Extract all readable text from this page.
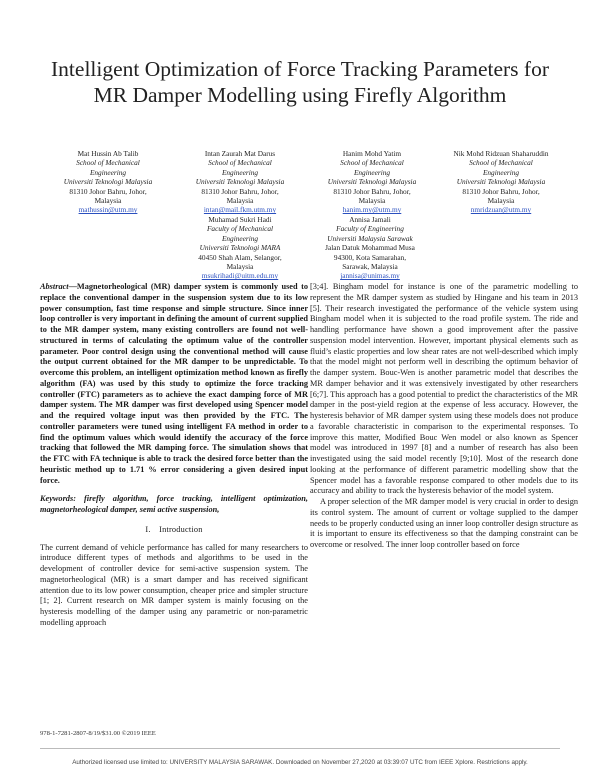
Intelligent Optimization of Force Tracking Parameters for MR Damper Modelling using Firefly Algorithm
Mat Hussin Ab Talib
School of Mechanical Engineering
Universiti Teknologi Malaysia
81310 Johor Bahru, Johor,
Malaysia
mathussin@utm.my
Intan Zaurah Mat Darus
School of Mechanical Engineering
Universiti Teknologi Malaysia
81310 Johor Bahru, Johor,
Malaysia
intan@mail.fkm.utm.my
Hanim Mohd Yatim
School of Mechanical Engineering
Universiti Teknologi Malaysia
81310 Johor Bahru, Johor,
Malaysia
hanim.my@utm.my
Nik Mohd Ridzuan Shaharuddin
School of Mechanical Engineering
Universiti Teknologi Malaysia
81310 Johor Bahru, Johor,
Malaysia
nmridzuan@utm.my
Muhamad Sukri Hadi
Faculty of Mechanical Engineering
Universiti Teknologi MARA
40450 Shah Alam, Selangor,
Malaysia
msukrihadi@uitm.edu.my
Annisa Jamali
Faculty of Engineering
Universiti Malaysia Sarawak
Jalan Datuk Mohammad Musa 94300, Kota Samarahan,
Sarawak, Malaysia
jannisa@unimas.my

Abstract—Magnetorheological (MR) damper system is commonly used to replace the conventional damper in the suspension system due to its low power consumption, fast time response and simple structure. Since inner loop controller is very important in defining the amount of current supplied to the MR damper system, many existing controllers are found not well-structured in terms of calculating the optimum value of the controller parameter. Poor control design using the conventional method will cause the output current obtained for the MR damper to be unpredictable. To overcome this problem, an intelligent optimization method known as firefly algorithm (FA) was used by this study to optimize the force tracking controller (FTC) parameters as to achieve the exact damping force of MR damper system. The MR damper was first developed using Spencer model and the required voltage input was then provided by the FTC. The controller parameters were tuned using intelligent FA method in order to find the optimum values which would identify the accuracy of the force tracking that followed the MR damping force. The simulation shows that the FTC with FA technique is able to track the desired force better than the heuristic method up to 1.71 % error considering a given desired input force.

Keywords: firefly algorithm, force tracking, intelligent optimization, magnetorheological damper, semi active suspension,

I. Introduction

The current demand of vehicle performance has called for many researchers to introduce different types of methods and algorithms to be used in the development of controller device for semi-active suspension system. The magnetorheological (MR) is a smart damper and has received significant attention due to its low power consumption, cheaper price and simpler structure [1; 2]. Current research on MR damper system is mainly focusing on the hysteresis modelling of the damper using any parametric or non-parametric modelling approach

[3;4]. Bingham model for instance is one of the parametric modelling to represent the MR damper system as studied by Hingane and his team in 2013 [5]. Their research investigated the performance of the vehicle system using Bingham model when it is subjected to the road profile system. The ride and handling performance have shown a good improvement after the passive suspension model intervention. However, important physical elements such as fluid’s elastic properties and low shear rates are not well-described which imply that the model might not perform well in describing the optimum behavior of the damper system. Bouc-Wen is another parametric model that describes the MR damper behavior and it was extensively investigated by other researchers [6;7]. This approach has a good potential to predict the characteristics of the MR damper in the post-yield region at the expense of less accuracy. However, the hysteresis behavior of MR damper system using these models does not produce a favorable characteristic in comparison to the experimental responses. To improve this matter, Modified Bouc Wen model or also known as Spencer model was introduced in 1997 [8] and a number of research has also been investigated using the said model recently [9;10]. Most of the research done looking at the performance of different parametric modelling show that the Spencer model has a favorable response compared to other models due to its accuracy and ability to track the hysteresis behavior of the model system.

A proper selection of the MR damper model is very crucial in order to design its control system. The amount of current or voltage supplied to the damper needs to be properly conducted using an inner loop controller design structure as it is important to ensure its effectiveness so that the damping constraint can be overcome or resolved. The inner loop controller based on force

978-1-7281-2807-8/19/$31.00 ©2019 IEEE
Authorized licensed use limited to: UNIVERSITY MALAYSIA SARAWAK. Downloaded on November 27,2020 at 03:39:07 UTC from IEEE Xplore. Restrictions apply.
